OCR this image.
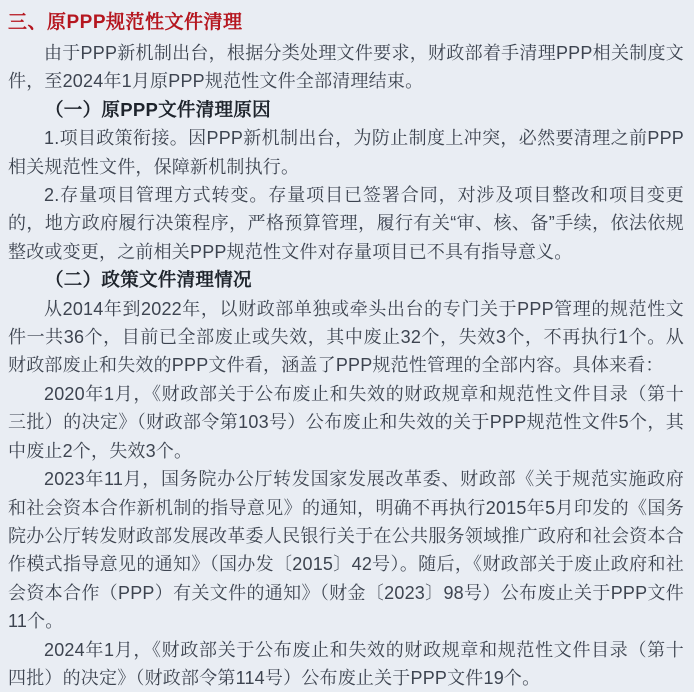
三、原PPP规范性文件清理

由于PPP新机制出台，根据分类处理文件要求，财政部着手清理PPP相关制度文件，至2024年1月原PPP规范性文件全部清理结束。

（一）原PPP文件清理原因

1.项目政策衔接。因PPP新机制出台，为防止制度上冲突，必然要清理之前PPP相关规范性文件，保障新机制执行。

2.存量项目管理方式转变。存量项目已签署合同，对涉及项目整改和项目变更的，地方政府履行决策程序，严格预算管理，履行有关“审、核、备”手续，依法依规整改或变更，之前相关PPP规范性文件对存量项目已不具有指导意义。

（二）政策文件清理情况

从2014年到2022年，以财政部单独或牵头出台的专门关于PPP管理的规范性文件一共36个，目前已全部废止或失效，其中废止32个，失效3个，不再执行1个。从财政部废止和失效的PPP文件看，涵盖了PPP规范性管理的全部内容。具体来看：

2020年1月，《财政部关于公布废止和失效的财政规章和规范性文件目录（第十三批）的决定》（财政部令第103号）公布废止和失效的关于PPP规范性文件5个，其中废止2个，失效3个。

2023年11月，国务院办公厅转发国家发展改革委、财政部《关于规范实施政府和社会资本合作新机制的指导意见》的通知，明确不再执行2015年5月印发的《国务院办公厅转发财政部发展改革委人民银行关于在公共服务领域推广政府和社会资本合作模式指导意见的通知》（国办发〔2015〕42号）。随后，《财政部关于废止政府和社会资本合作（PPP）有关文件的通知》（财金〔2023〕98号）公布废止关于PPP文件11个。

2024年1月，《财政部关于公布废止和失效的财政规章和规范性文件目录（第十四批）的决定》（财政部令第114号）公布废止关于PPP文件19个。
